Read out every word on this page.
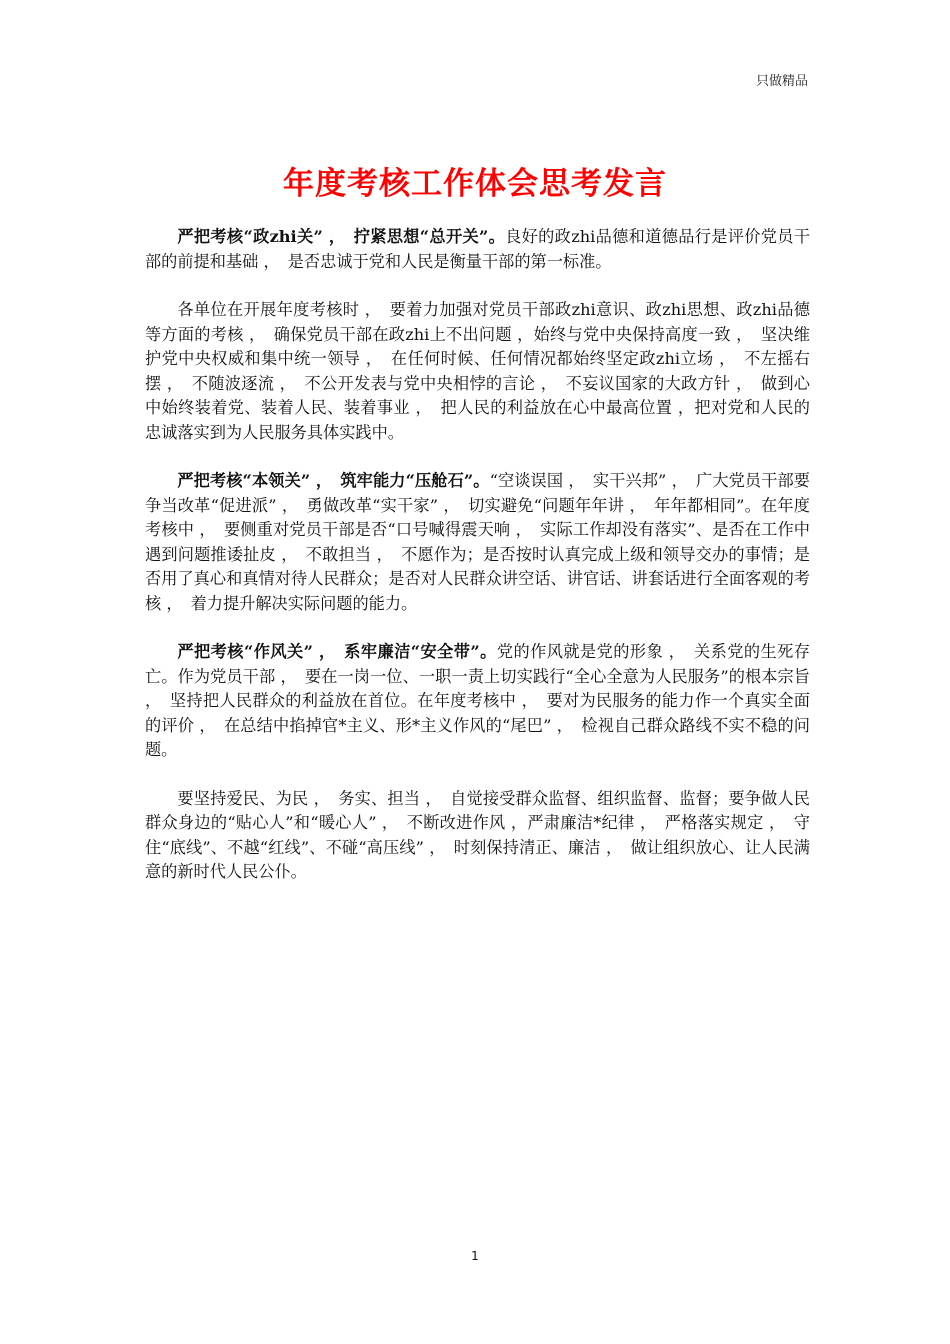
只做精品
年度考核工作体会思考发言

严把考核“政zhi关” ，　拧紧思想“总开关”。良好的政zhi品德和道德品行是评价党员干部的前提和基础 ，　是否忠诚于党和人民是衡量干部的第一标准。

各单位在开展年度考核时 ，　要着力加强对党员干部政zhi意识、政zhi思想、政zhi品德等方面的考核 ，　确保党员干部在政zhi上不出问题 ，始终与党中央保持高度一致 ，　坚决维护党中央权威和集中统一领导 ，　在任何时候、任何情况都始终坚定政zhi立场 ，　不左摇右摆 ，　不随波逐流 ，　不公开发表与党中央相悖的言论 ，　不妄议国家的大政方针 ，　做到心中始终装着党、装着人民、装着事业 ，　把人民的利益放在心中最高位置 ，把对党和人民的忠诚落实到为人民服务具体实践中。

严把考核“本领关” ，　筑牢能力“压舱石”。“空谈误国 ，　实干兴邦” ，　广大党员干部要争当改革“促进派” ，　勇做改革“实干家” ，　切实避免“问题年年讲 ，　年年都相同”。在年度考核中 ，　要侧重对党员干部是否“口号喊得震天响 ，　实际工作却没有落实”、是否在工作中遇到问题推诿扯皮 ，　不敢担当 ，　不愿作为；是否按时认真完成上级和领导交办的事情；是否用了真心和真情对待人民群众；是否对人民群众讲空话、讲官话、讲套话进行全面客观的考核 ，　着力提升解决实际问题的能力。

严把考核“作风关” ，　系牢廉洁“安全带”。党的作风就是党的形象 ，　关系党的生死存亡。作为党员干部 ，　要在一岗一位、一职一责上切实践行“全心全意为人民服务”的根本宗旨 ，　坚持把人民群众的利益放在首位。在年度考核中 ，　要对为民服务的能力作一个真实全面的评价 ，　在总结中掐掉官*主义、形*主义作风的“尾巴” ，　检视自己群众路线不实不稳的问题。

要坚持爱民、为民 ，　务实、担当 ，　自觉接受群众监督、组织监督、监督；要争做人民群众身边的“贴心人”和“暖心人” ，　不断改进作风 ，严肃廉洁*纪律 ，　严格落实规定 ，　守住“底线”、不越“红线”、不碰“高压线” ，　时刻保持清正、廉洁 ，　做让组织放心、让人民满意的新时代人民公仆。

1
